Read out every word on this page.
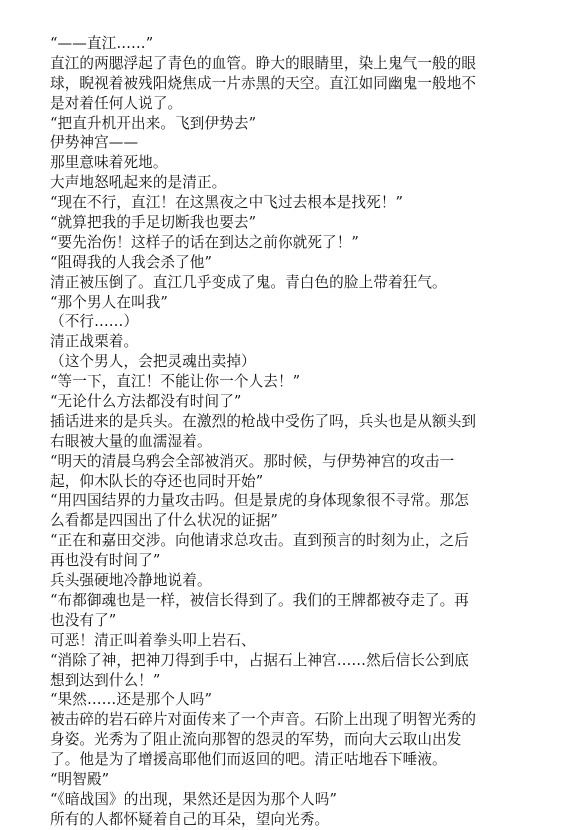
“——直江……”
直江的两腮浮起了青色的血管。睁大的眼睛里，染上鬼气一般的眼
球，睨视着被残阳烧焦成一片赤黑的天空。直江如同幽鬼一般地不
是对着任何人说了。
“把直升机开出来。飞到伊势去”
伊势神宫——
那里意味着死地。
大声地怒吼起来的是清正。
“现在不行，直江！在这黑夜之中飞过去根本是找死！”
“就算把我的手足切断我也要去”
“要先治伤！这样子的话在到达之前你就死了！”
“阻碍我的人我会杀了他”
清正被压倒了。直江几乎变成了鬼。青白色的脸上带着狂气。
“那个男人在叫我”
（不行……）
清正战栗着。
（这个男人，会把灵魂出卖掉）
“等一下，直江！不能让你一个人去！”
“无论什么方法都没有时间了”
插话进来的是兵头。在激烈的枪战中受伤了吗，兵头也是从额头到
右眼被大量的血濡湿着。
“明天的清晨乌鸦会全部被消灭。那时候，与伊势神宫的攻击一
起，仰木队长的夺还也同时开始”
“用四国结界的力量攻击吗。但是景虎的身体现象很不寻常。那怎
么看都是四国出了什么状况的证据”
“正在和嘉田交涉。向他请求总攻击。直到预言的时刻为止，之后
再也没有时间了”
兵头强硬地冷静地说着。
“布都御魂也是一样，被信长得到了。我们的王牌都被夺走了。再
也没有了”
可恶！清正叫着拳头叩上岩石、
“消除了神，把神刀得到手中，占据石上神宫……然后信长公到底
想到达到什么！”
“果然……还是那个人吗”
被击碎的岩石碎片对面传来了一个声音。石阶上出现了明智光秀的
身姿。光秀为了阻止流向那智的怨灵的军势，而向大云取山出发
了。他是为了增援高耶他们而返回的吧。清正咕地吞下唾液。
“明智殿”
“《暗战国》的出现，果然还是因为那个人吗”
所有的人都怀疑着自己的耳朵，望向光秀。
